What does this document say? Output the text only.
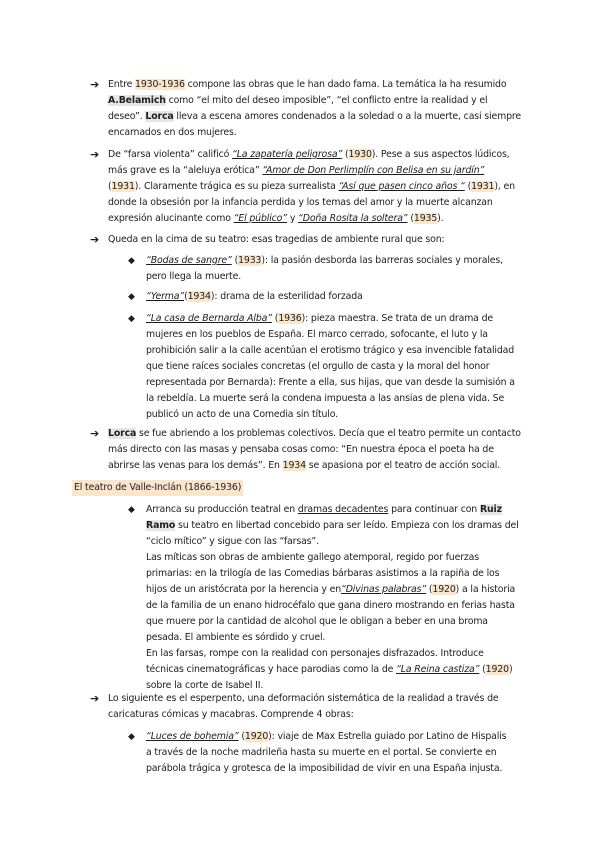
➔ Entre 1930-1936 compone las obras que le han dado fama. La temática la ha resumido
A.Belamich como “el mito del deseo imposible”, “el conflicto entre la realidad y el
deseo”. Lorca lleva a escena amores condenados a la soledad o a la muerte, casi siempre
encarnados en dos mujeres.
➔ De “farsa violenta” calificó “La zapatería peligrosa” (1930). Pese a sus aspectos lúdicos,
más grave es la “aleluya erótica” “Amor de Don Perlimplín con Belisa en su jardín”
(1931). Claramente trágica es su pieza surrealista “Así que pasen cinco años “ (1931), en
donde la obsesión por la infancia perdida y los temas del amor y la muerte alcanzan
expresión alucinante como “El público” y “Doña Rosita la soltera” (1935).
➔ Queda en la cima de su teatro: esas tragedias de ambiente rural que son:
◆ “Bodas de sangre” (1933): la pasión desborda las barreras sociales y morales,
pero llega la muerte.
◆ “Yerma”(1934): drama de la esterilidad forzada
◆ “La casa de Bernarda Alba” (1936): pieza maestra. Se trata de un drama de
mujeres en los pueblos de España. El marco cerrado, sofocante, el luto y la
prohibición salir a la calle acentúan el erotismo trágico y esa invencible fatalidad
que tiene raíces sociales concretas (el orgullo de casta y la moral del honor
representada por Bernarda): Frente a ella, sus hijas, que van desde la sumisión a
la rebeldía. La muerte será la condena impuesta a las ansias de plena vida. Se
publicó un acto de una Comedia sin título.
➔ Lorca se fue abriendo a los problemas colectivos. Decía que el teatro permite un contacto
más directo con las masas y pensaba cosas como: “En nuestra época el poeta ha de
abrirse las venas para los demás”. En 1934 se apasiona por el teatro de acción social.
El teatro de Valle-Inclán (1866-1936)
◆ Arranca su producción teatral en dramas decadentes para continuar con Ruiz
Ramo su teatro en libertad concebido para ser leído. Empieza con los dramas del
“ciclo mítico” y sigue con las “farsas”.
Las míticas son obras de ambiente gallego atemporal, regido por fuerzas
primarias: en la trilogía de las Comedias bárbaras asistimos a la rapiña de los
hijos de un aristócrata por la herencia y en“Divinas palabras” (1920) a la historia
de la familia de un enano hidrocéfalo que gana dinero mostrando en ferias hasta
que muere por la cantidad de alcohol que le obligan a beber en una broma
pesada. El ambiente es sórdido y cruel.
En las farsas, rompe con la realidad con personajes disfrazados. Introduce
técnicas cinematográficas y hace parodias como la de “La Reina castiza” (1920)
sobre la corte de Isabel II.
➔ Lo siguiente es el esperpento, una deformación sistemática de la realidad a través de
caricaturas cómicas y macabras. Comprende 4 obras:
◆ “Luces de bohemia” (1920): viaje de Max Estrella guiado por Latino de Hispalis
a través de la noche madrileña hasta su muerte en el portal. Se convierte en
parábola trágica y grotesca de la imposibilidad de vivir en una España injusta.
